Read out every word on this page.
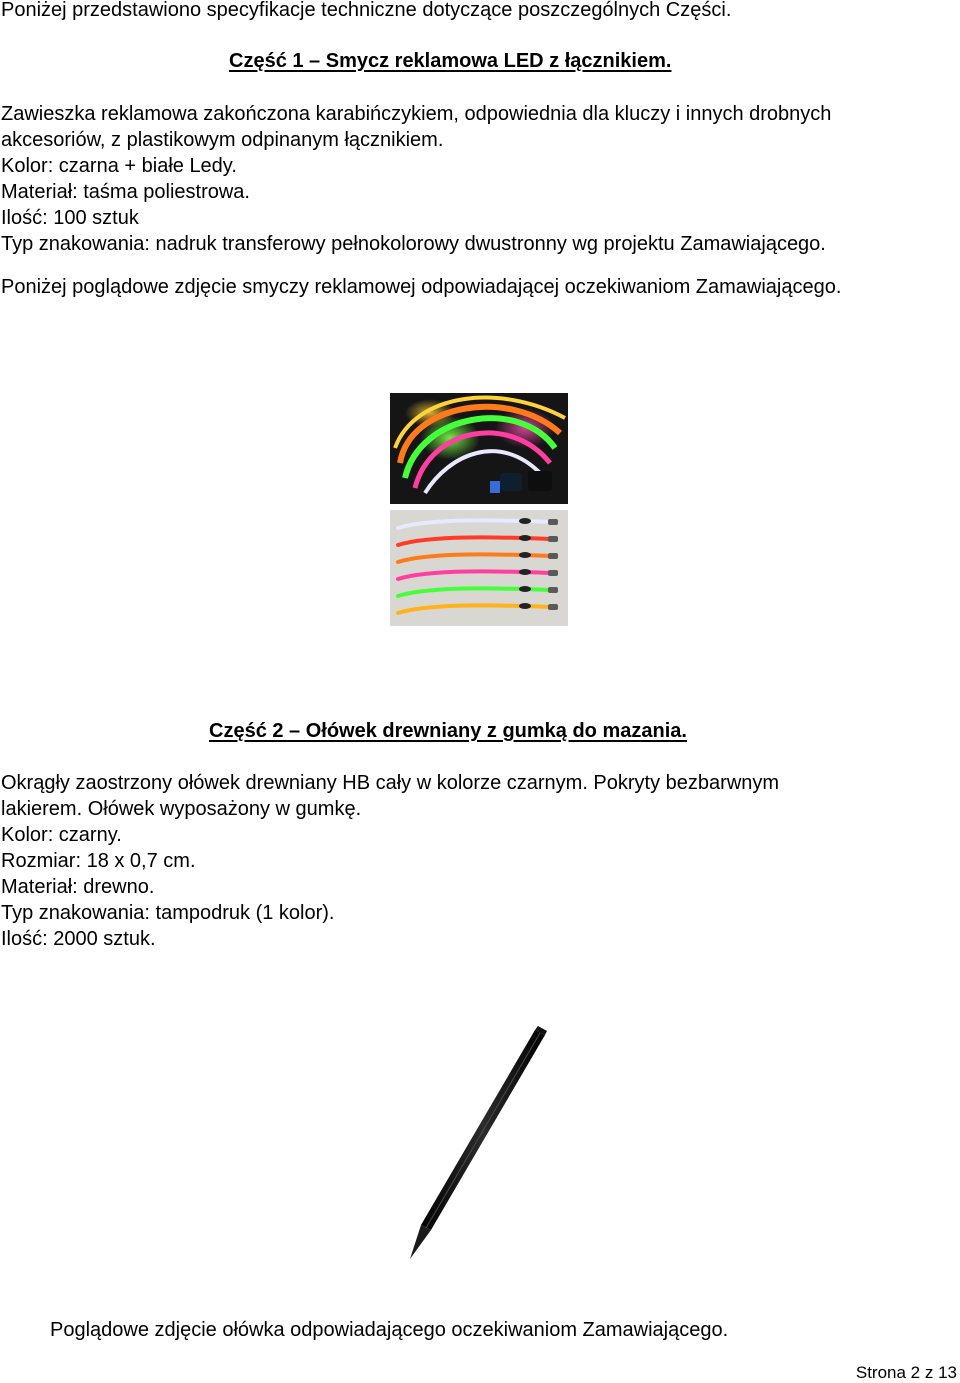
Poniżej przedstawiono specyfikacje techniczne dotyczące poszczególnych Części.
Część 1 – Smycz reklamowa LED z łącznikiem.
Zawieszka reklamowa zakończona karabińczykiem, odpowiednia dla kluczy i innych drobnych
akcesoriów, z plastikowym odpinanym łącznikiem.
Kolor: czarna + białe Ledy.
Materiał: taśma poliestrowa.
Ilość: 100 sztuk
Typ znakowania: nadruk transferowy pełnokolorowy dwustronny wg projektu Zamawiającego.
Poniżej poglądowe zdjęcie smyczy reklamowej odpowiadającej oczekiwaniom Zamawiającego.
Część 2 – Ołówek drewniany z gumką do mazania.
Okrągły zaostrzony ołówek drewniany HB cały w kolorze czarnym. Pokryty bezbarwnym
lakierem. Ołówek wyposażony w gumkę.
Kolor: czarny.
Rozmiar: 18 x 0,7 cm.
Materiał: drewno.
Typ znakowania: tampodruk (1 kolor).
Ilość: 2000 sztuk.
Poglądowe zdjęcie ołówka odpowiadającego oczekiwaniom Zamawiającego.
Strona 2 z 13
